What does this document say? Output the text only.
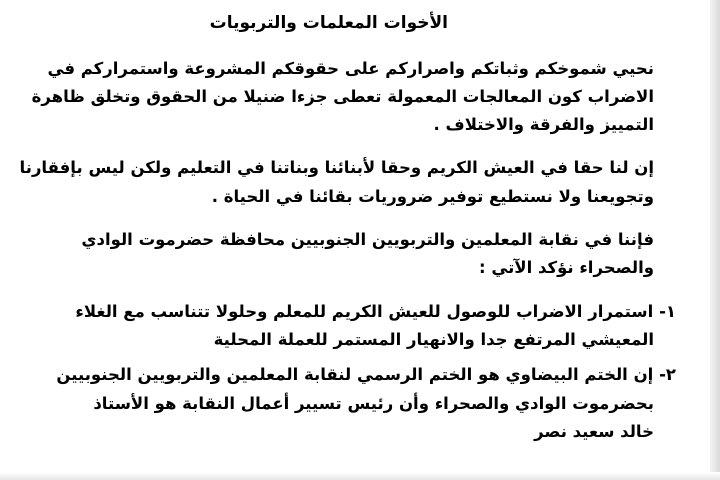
الأخوات المعلمات والتربويات
نحيي شموخكم وثباتكم واصراركم على حقوقكم المشروعة واستمراركم في
الاضراب كون المعالجات المعمولة تعطى جزءا ضنيلا من الحقوق وتخلق ظاهرة
التمييز والفرقة والاختلاف .
إن لنا حقا في العيش الكريم وحقا لأبنائنا وبناتنا في التعليم ولكن ليس بإفقارنا
وتجويعنا ولا نستطيع توفير ضروريات بقائنا في الحياة .
فإننا في نقابة المعلمين والتربويين الجنوبيين محافظة حضرموت الوادي
والصحراء نؤكد الآتي :
١- استمرار الاضراب للوصول للعيش الكريم للمعلم وحلولا تتناسب مع الغلاء
المعيشي المرتفع جدا والانهيار المستمر للعملة المحلية
٢- إن الختم البيضاوي هو الختم الرسمي لنقابة المعلمين والتربويين الجنوبيين
بحضرموت الوادي والصحراء وأن رئيس تسيير أعمال النقابة هو الأستاذ
خالد سعيد نصر
